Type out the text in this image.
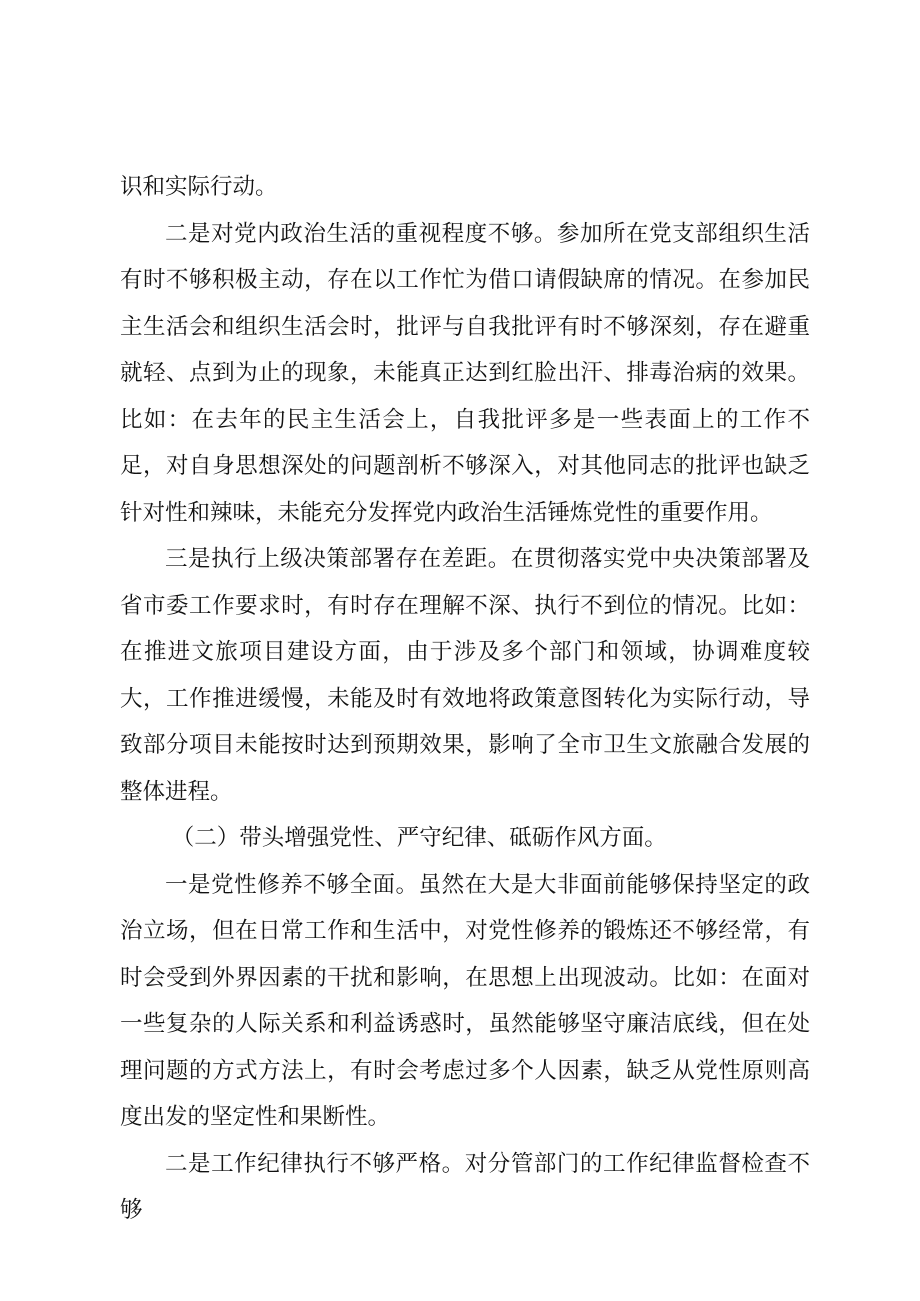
识和实际行动。

二是对党内政治生活的重视程度不够。参加所在党支部组织生活有时不够积极主动，存在以工作忙为借口请假缺席的情况。在参加民主生活会和组织生活会时，批评与自我批评有时不够深刻，存在避重就轻、点到为止的现象，未能真正达到红脸出汗、排毒治病的效果。比如：在去年的民主生活会上，自我批评多是一些表面上的工作不足，对自身思想深处的问题剖析不够深入，对其他同志的批评也缺乏针对性和辣味，未能充分发挥党内政治生活锤炼党性的重要作用。

三是执行上级决策部署存在差距。在贯彻落实党中央决策部署及省市委工作要求时，有时存在理解不深、执行不到位的情况。比如：在推进文旅项目建设方面，由于涉及多个部门和领域，协调难度较大，工作推进缓慢，未能及时有效地将政策意图转化为实际行动，导致部分项目未能按时达到预期效果，影响了全市卫生文旅融合发展的整体进程。

（二）带头增强党性、严守纪律、砥砺作风方面。

一是党性修养不够全面。虽然在大是大非面前能够保持坚定的政治立场，但在日常工作和生活中，对党性修养的锻炼还不够经常，有时会受到外界因素的干扰和影响，在思想上出现波动。比如：在面对一些复杂的人际关系和利益诱惑时，虽然能够坚守廉洁底线，但在处理问题的方式方法上，有时会考虑过多个人因素，缺乏从党性原则高度出发的坚定性和果断性。

二是工作纪律执行不够严格。对分管部门的工作纪律监督检查不够
